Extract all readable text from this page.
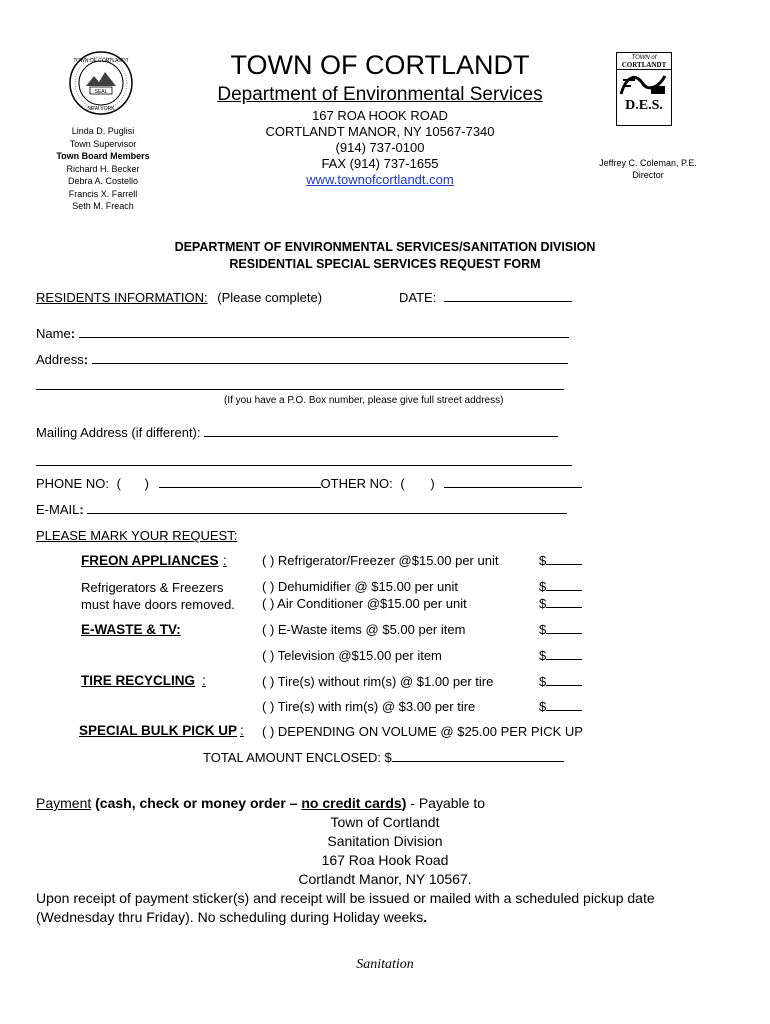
TOWN OF CORTLANDT
SEAL
NEW YORK
Linda D. Puglisi
Town Supervisor
Town Board Members
Richard H. Becker
Debra A. Costello
Francis X. Farrell
Seth M. Freach
TOWN OF CORTLANDT
Department of Environmental Services
167 ROA HOOK ROAD
CORTLANDT MANOR, NY 10567-7340
(914) 737-0100
FAX (914) 737-1655
www.townofcortlandt.com
TOWN of
CORTLANDT
D.E.S.
Jeffrey C. Coleman, P.E.
Director
DEPARTMENT OF ENVIRONMENTAL SERVICES/SANITATION DIVISION
RESIDENTIAL SPECIAL SERVICES REQUEST FORM
RESIDENTS INFORMATION: (Please complete)	DATE:
Name:
Address:
(If you have a P.O. Box number, please give full street address)
Mailing Address (if different):
PHONE NO: ( )	OTHER NO: ( )
E-MAIL:
PLEASE MARK YOUR REQUEST:
FREON APPLIANCES :
Refrigerators & Freezers
must have doors removed.
E-WASTE & TV:
TIRE RECYCLING :
SPECIAL BULK PICK UP :
( ) Refrigerator/Freezer @$15.00 per unit
( ) Dehumidifier @ $15.00 per unit
( ) Air Conditioner @$15.00 per unit
( ) E-Waste items @ $5.00 per item
( ) Television @$15.00 per item
( ) Tire(s) without rim(s) @ $1.00 per tire
( ) Tire(s) with rim(s) @ $3.00 per tire
( ) DEPENDING ON VOLUME @ $25.00 PER PICK UP
$
$
$
$
$
$
$
TOTAL AMOUNT ENCLOSED: $
Payment (cash, check or money order – no credit cards) - Payable to
Town of Cortlandt
Sanitation Division
167 Roa Hook Road
Cortlandt Manor, NY 10567.
Upon receipt of payment sticker(s) and receipt will be issued or mailed with a scheduled pickup date
(Wednesday thru Friday). No scheduling during Holiday weeks.
Sanitation
